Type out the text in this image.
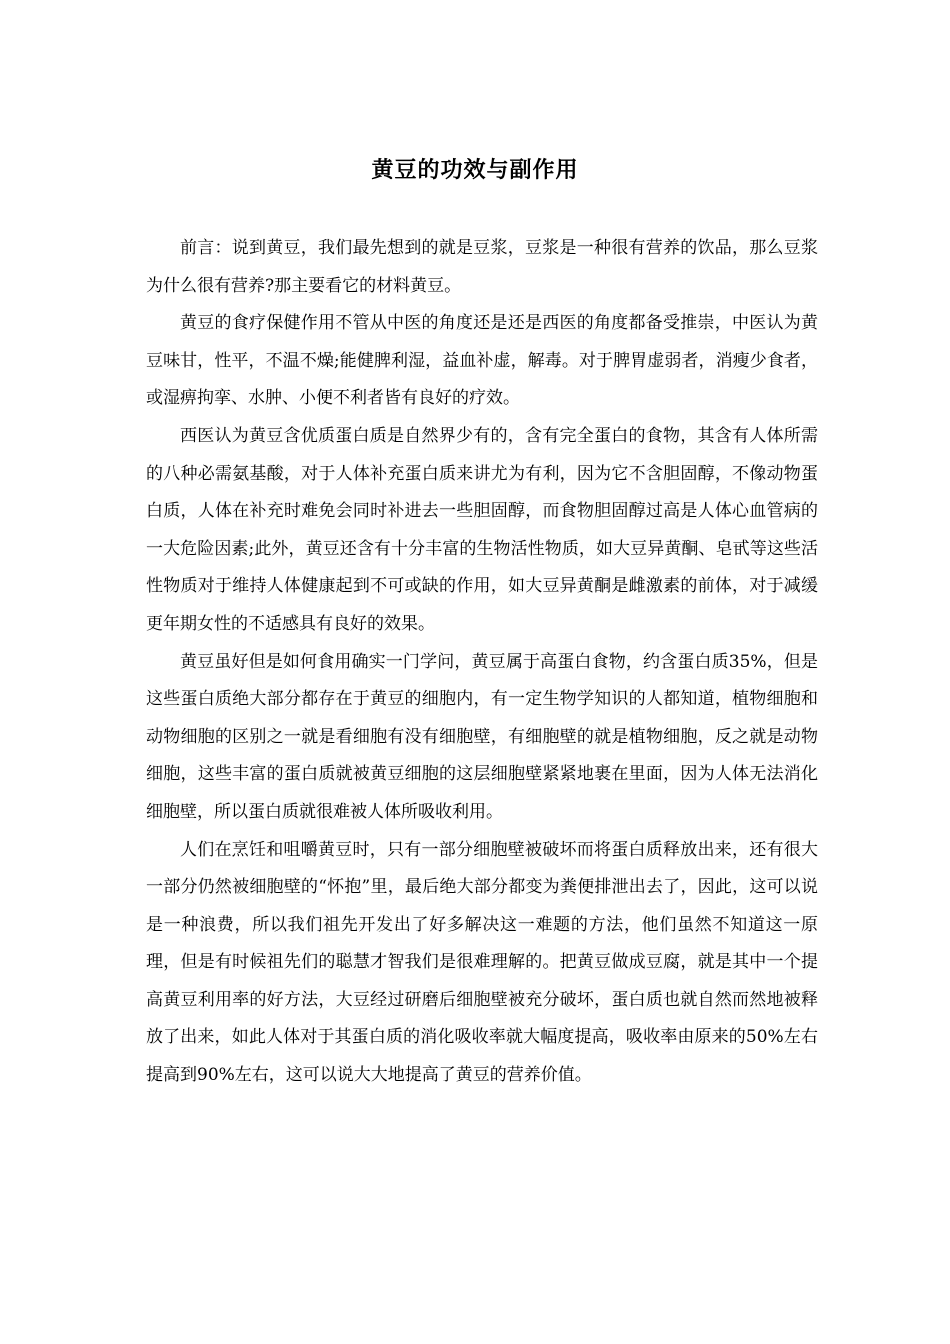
黄豆的功效与副作用

前言：说到黄豆，我们最先想到的就是豆浆，豆浆是一种很有营养的饮品，那么豆浆为什么很有营养?那主要看它的材料黄豆。

黄豆的食疗保健作用不管从中医的角度还是还是西医的角度都备受推崇，中医认为黄豆味甘，性平，不温不燥;能健脾利湿，益血补虚，解毒。对于脾胃虚弱者，消瘦少食者，或湿痹拘挛、水肿、小便不利者皆有良好的疗效。

西医认为黄豆含优质蛋白质是自然界少有的，含有完全蛋白的食物，其含有人体所需的八种必需氨基酸，对于人体补充蛋白质来讲尤为有利，因为它不含胆固醇，不像动物蛋白质，人体在补充时难免会同时补进去一些胆固醇，而食物胆固醇过高是人体心血管病的一大危险因素;此外，黄豆还含有十分丰富的生物活性物质，如大豆异黄酮、皂甙等这些活性物质对于维持人体健康起到不可或缺的作用，如大豆异黄酮是雌激素的前体，对于减缓更年期女性的不适感具有良好的效果。

黄豆虽好但是如何食用确实一门学问，黄豆属于高蛋白食物，约含蛋白质35%，但是这些蛋白质绝大部分都存在于黄豆的细胞内，有一定生物学知识的人都知道，植物细胞和动物细胞的区别之一就是看细胞有没有细胞壁，有细胞壁的就是植物细胞，反之就是动物细胞，这些丰富的蛋白质就被黄豆细胞的这层细胞壁紧紧地裹在里面，因为人体无法消化细胞壁，所以蛋白质就很难被人体所吸收利用。

人们在烹饪和咀嚼黄豆时，只有一部分细胞壁被破坏而将蛋白质释放出来，还有很大一部分仍然被细胞壁的“怀抱”里，最后绝大部分都变为粪便排泄出去了，因此，这可以说是一种浪费，所以我们祖先开发出了好多解决这一难题的方法，他们虽然不知道这一原理，但是有时候祖先们的聪慧才智我们是很难理解的。把黄豆做成豆腐，就是其中一个提高黄豆利用率的好方法，大豆经过研磨后细胞壁被充分破坏，蛋白质也就自然而然地被释放了出来，如此人体对于其蛋白质的消化吸收率就大幅度提高，吸收率由原来的50%左右提高到90%左右，这可以说大大地提高了黄豆的营养价值。
